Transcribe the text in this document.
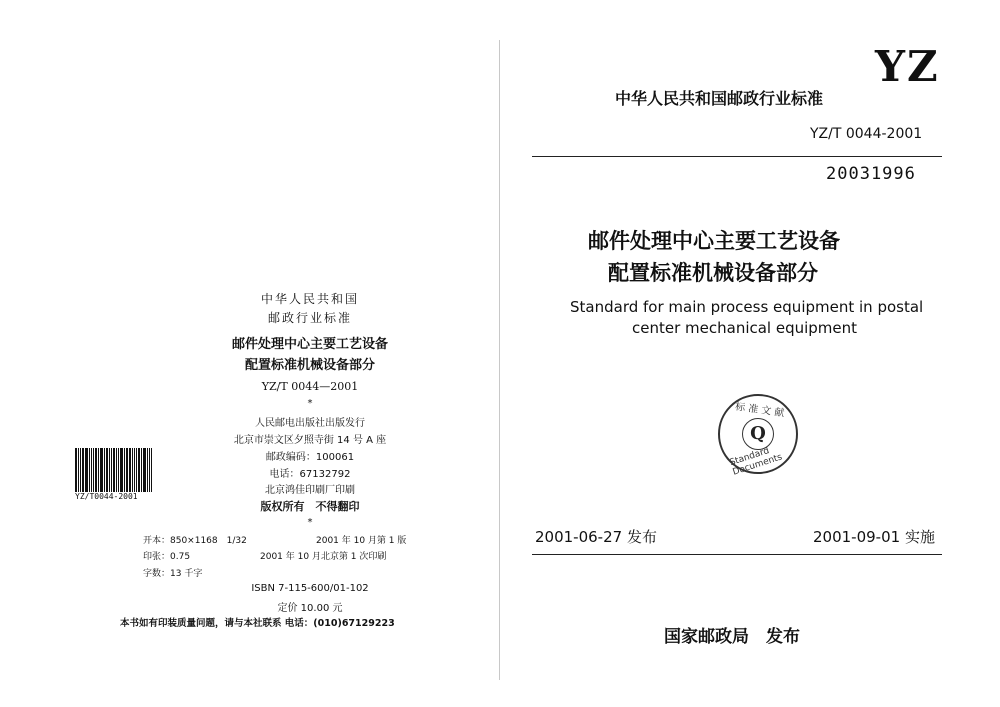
中华人民共和国
邮政行业标准
邮件处理中心主要工艺设备
配置标准机械设备部分
YZ/T 0044—2001
*
人民邮电出版社出版发行
北京市崇文区夕照寺街 14 号 A 座
邮政编码：100061
电话：67132792
北京鸿佳印刷厂印刷
版权所有　不得翻印
*
开本：850×1168　1/32	2001 年 10 月第 1 版
印张：0.75	2001 年 10 月北京第 1 次印刷
字数：13 千字
ISBN 7-115-600/01-102
定价 10.00 元
本书如有印装质量问题，请与本社联系 电话：(010)67129223
YZ/T0044-2001
YZ
中华人民共和国邮政行业标准
YZ/T 0044-2001
20031996
邮件处理中心主要工艺设备
配置标准机械设备部分
Standard for main process equipment in postal
center mechanical equipment
标 准 文 献
Q
Standard Documents
2001-06-27 发布	2001-09-01 实施
国家邮政局　发布
